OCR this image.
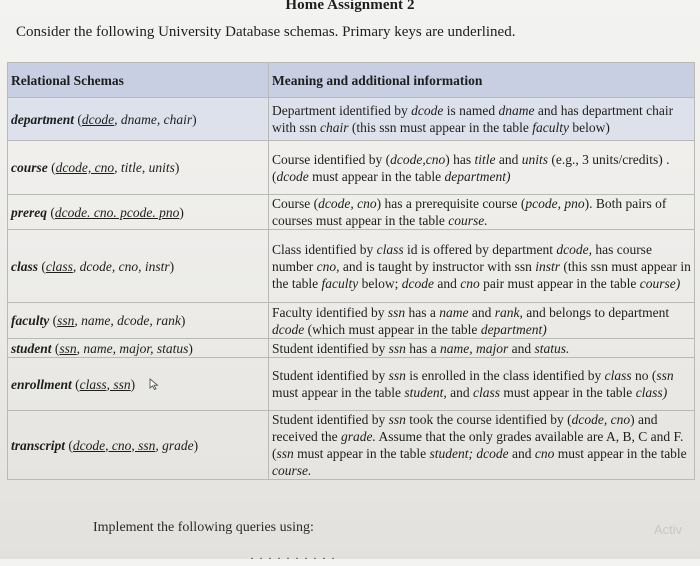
Home Assignment 2
Consider the following University Database schemas. Primary keys are underlined.
Relational Schemas	Meaning and additional information
department (dcode, dname, chair)	Department identified by dcode is named dname and has department chair with ssn chair (this ssn must appear in the table faculty below)
course (dcode, cno, title, units)	Course identified by (dcode,cno) has title and units (e.g., 3 units/credits) . (dcode must appear in the table department)
prereq (dcode. cno. pcode. pno)	Course (dcode, cno) has a prerequisite course (pcode, pno). Both pairs of courses must appear in the table course.
class (class, dcode, cno, instr)	Class identified by class id is offered by department dcode, has course number cno, and is taught by instructor with ssn instr (this ssn must appear in the table faculty below; dcode and cno pair must appear in the table course)
faculty (ssn, name, dcode, rank)	Faculty identified by ssn has a name and rank, and belongs to department dcode (which must appear in the table department)
student (ssn, name, major, status)	Student identified by ssn has a name, major and status.
enrollment (class, ssn)	Student identified by ssn is enrolled in the class identified by class no (ssn must appear in the table student, and class must appear in the table class)
transcript (dcode, cno, ssn, grade)	Student identified by ssn took the course identified by (dcode, cno) and received the grade. Assume that the only grades available are A, B, C and F. (ssn must appear in the table student; dcode and cno must appear in the table course.
Implement the following queries using:	Activ
· · · · · · · · · ·
